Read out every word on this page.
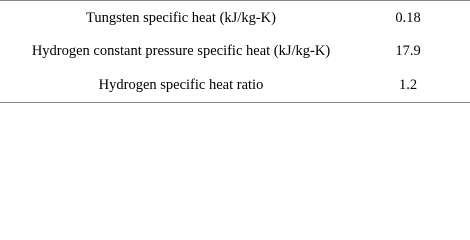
Tungsten specific heat (kJ/kg-K)	0.18
Hydrogen constant pressure specific heat (kJ/kg-K)	17.9
Hydrogen specific heat ratio	1.2
